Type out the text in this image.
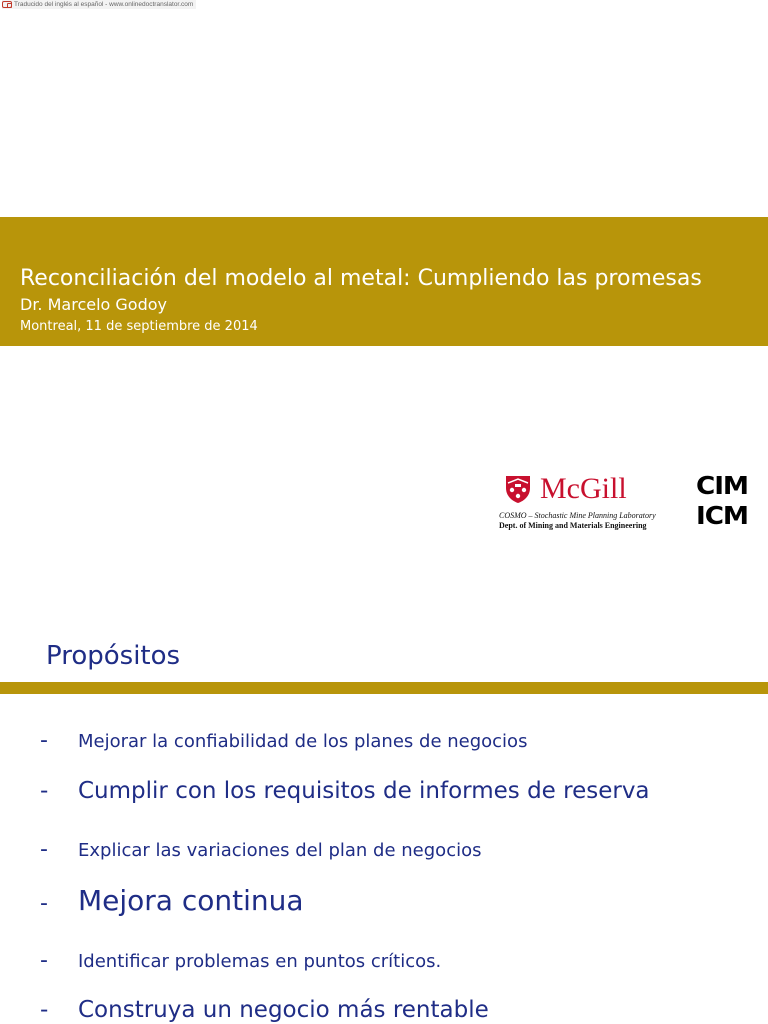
Traducido del inglés al español - www.onlinedoctranslator.com
Reconciliación del modelo al metal: Cumpliendo las promesas
Dr. Marcelo Godoy
Montreal, 11 de septiembre de 2014
McGill
COSMO – Stochastic Mine Planning Laboratory
Dept. of Mining and Materials Engineering
CIM
ICM
Propósitos
-	Mejorar la confiabilidad de los planes de negocios
-	Cumplir con los requisitos de informes de reserva
-	Explicar las variaciones del plan de negocios
-	Mejora continua
-	Identificar problemas en puntos críticos.
-	Construya un negocio más rentable
